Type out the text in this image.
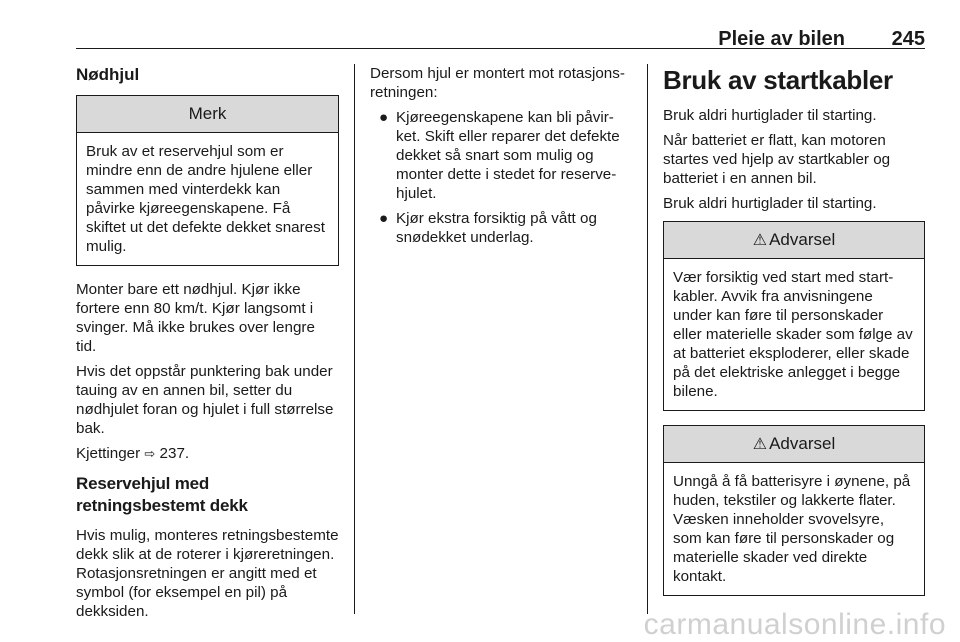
Pleie av bilen 245
Nødhjul
Merk

Bruk av et reservehjul som er mindre enn de andre hjulene eller sammen med vinterdekk kan påvirke kjøreegenskapene. Få skiftet ut det defekte dekket snarest mulig.

Monter bare ett nødhjul. Kjør ikke fortere enn 80 km/t. Kjør langsomt i svinger. Må ikke brukes over lengre tid.

Hvis det oppstår punktering bak under tauing av en annen bil, setter du nødhjulet foran og hjulet i full størrelse bak.

Kjettinger ⇨ 237.

Reservehjul med retningsbestemt dekk

Hvis mulig, monteres retningsbestemte dekk slik at de roterer i kjøreretningen. Rotasjonsretningen er angitt med et symbol (for eksempel en pil) på dekksiden.

Dersom hjul er montert mot rotasjonsretningen:

● Kjøreegenskapene kan bli påvirket. Skift eller reparer det defekte dekket så snart som mulig og monter dette i stedet for reservehjulet.
● Kjør ekstra forsiktig på vått og snødekket underlag.
Bruk av startkabler

Bruk aldri hurtiglader til starting.

Når batteriet er flatt, kan motoren startes ved hjelp av startkabler og batteriet i en annen bil.

Bruk aldri hurtiglader til starting.

⚠ Advarsel

Vær forsiktig ved start med startkabler. Avvik fra anvisningene under kan føre til personskader eller materielle skader som følge av at batteriet eksploderer, eller skade på det elektriske anlegget i begge bilene.

⚠ Advarsel

Unngå å få batterisyre i øynene, på huden, tekstiler og lakkerte flater. Væsken inneholder svovelsyre, som kan føre til personskader og materielle skader ved direkte kontakt.

carmanualsonline.info
